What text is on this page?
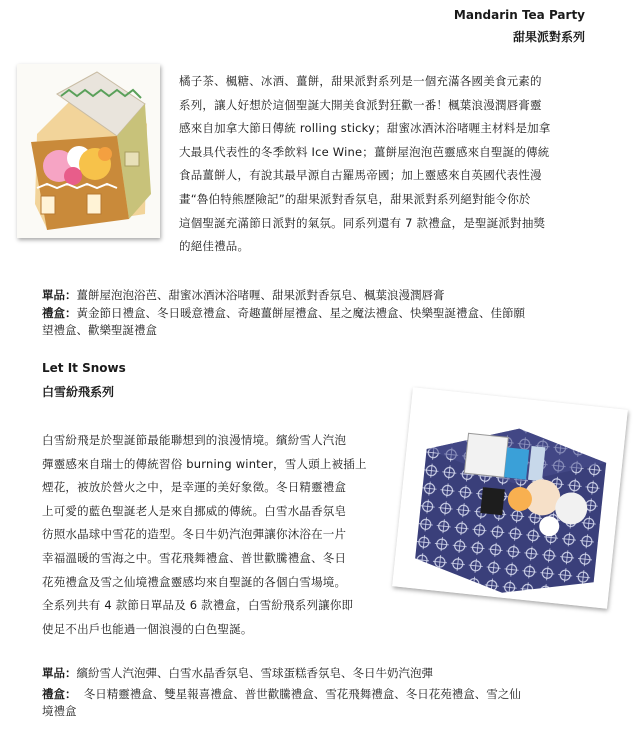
Mandarin Tea Party
甜果派對系列

橘子茶、楓糖、冰酒、薑餅，甜果派對系列是一個充滿各國美食元素的

系列，讓人好想於這個聖誕大開美食派對狂歡一番！楓葉浪漫潤唇膏靈

感來自加拿大節日傳統 rolling sticky；甜蜜冰酒沐浴啫喱主材料是加拿

大最具代表性的冬季飲料 Ice Wine；薑餅屋泡泡芭靈感來自聖誕的傳統

食品薑餅人，有說其最早源自古羅馬帝國；加上靈感來自英國代表性漫

畫“魯伯特熊歷險記”的甜果派對香氛皂，甜果派對系列絕對能令你於

這個聖誕充滿節日派對的氣氛。同系列還有 7 款禮盒，是聖誕派對抽獎

的絕佳禮品。

單品：薑餅屋泡泡浴芭、甜蜜冰酒沐浴啫喱、甜果派對香氛皂、楓葉浪漫潤唇膏

禮盒：黃金節日禮盒、冬日暖意禮盒、奇趣薑餅屋禮盒、星之魔法禮盒、快樂聖誕禮盒、佳節願

望禮盒、歡樂聖誕禮盒

Let It Snows
白雪紛飛系列

白雪紛飛是於聖誕節最能聯想到的浪漫情境。繽紛雪人汽泡

彈靈感來自瑞士的傳統習俗 burning winter，雪人頭上被插上

煙花，被放於營火之中，是幸運的美好象徵。冬日精靈禮盒

上可愛的藍色聖誕老人是來自挪威的傳統。白雪水晶香氛皂

彷照水晶球中雪花的造型。冬日牛奶汽泡彈讓你沐浴在一片

幸福溫暖的雪海之中。雪花飛舞禮盒、普世歡騰禮盒、冬日

花苑禮盒及雪之仙境禮盒靈感均來自聖誕的各個白雪場境。

全系列共有 4 款節日單品及 6 款禮盒，白雪紛飛系列讓你即

使足不出戶也能過一個浪漫的白色聖誕。

單品：繽紛雪人汽泡彈、白雪水晶香氛皂、雪球蛋糕香氛皂、冬日牛奶汽泡彈

禮盒：  冬日精靈禮盒、雙星報喜禮盒、普世歡騰禮盒、雪花飛舞禮盒、冬日花苑禮盒、雪之仙

境禮盒
